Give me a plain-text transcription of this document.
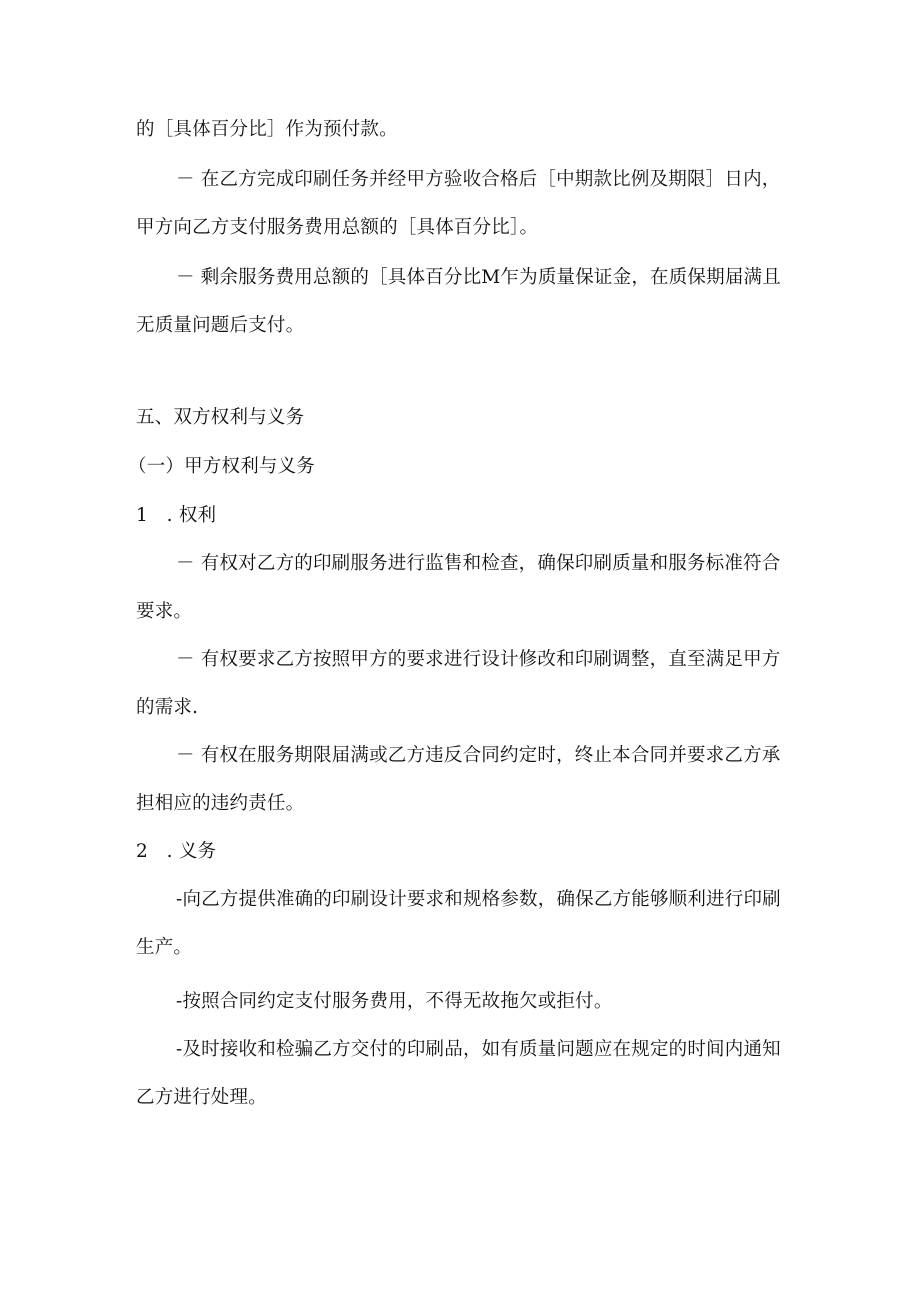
的［具体百分比］作为预付款。
－ 在乙方完成印刷任务并经甲方验收合格后［中期款比例及期限］日内，
甲方向乙方支付服务费用总额的［具体百分比］。
－ 剩余服务费用总额的［具体百分比M乍为质量保证金，在质保期届满且
无质量问题后支付。
五、双方权利与义务
（一）甲方权利与义务
1　. 权利
－ 有权对乙方的印刷服务进行监售和检查，确保印刷质量和服务标准符合
要求。
－ 有权要求乙方按照甲方的要求进行设计修改和印刷调整，直至满足甲方
的需求.
－ 有权在服务期限届满或乙方违反合同约定时，终止本合同并要求乙方承
担相应的违约责任。
2　. 义务
-向乙方提供准确的印刷设计要求和规格参数，确保乙方能够顺利进行印刷
生产。
-按照合同约定支付服务费用，不得无故拖欠或拒付。
-及时接收和检骗乙方交付的印刷品，如有质量问题应在规定的时间内通知
乙方进行处理。
